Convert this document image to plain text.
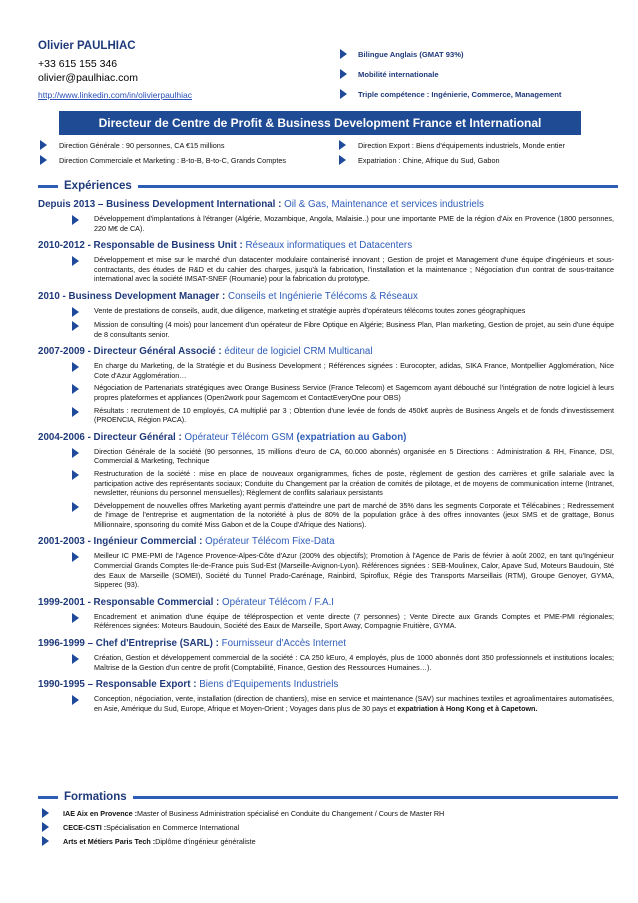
Olivier PAULHIAC
+33 615 155 346
olivier@paulhiac.com
http://www.linkedin.com/in/olivierpaulhiac
Bilingue Anglais (GMAT 93%)
Mobilité internationale
Triple compétence : Ingénierie, Commerce, Management
Directeur de Centre de Profit & Business Development France et International
Direction Générale : 90 personnes, CA €15 millions
Direction Commerciale et Marketing : B-to-B, B-to-C, Grands Comptes
Direction Export : Biens d'équipements industriels, Monde entier
Expatriation : Chine, Afrique du Sud, Gabon
Expériences
Depuis 2013 – Business Development International : Oil & Gas, Maintenance et services industriels
Développement d'implantations à l'étranger (Algérie, Mozambique, Angola, Malaisie..) pour une importante PME de la région d'Aix en Provence (1800 personnes, 220 M€ de CA).
2010-2012 - Responsable de Business Unit : Réseaux informatiques et Datacenters
Développement et mise sur le marché d'un datacenter modulaire containerisé innovant ; Gestion de projet et Management d'une équipe d'ingénieurs et sous-contractants, des études de R&D et du cahier des charges, jusqu'à la fabrication, l'installation et la maintenance ; Négociation d'un contrat de sous-traitance international avec la société IMSAT-SNEF (Roumanie) pour la fabrication du prototype.
2010 - Business Development Manager : Conseils et Ingénierie Télécoms & Réseaux
Vente de prestations de conseils, audit, due diligence, marketing et stratégie auprès d'opérateurs télécoms toutes zones géographiques
Mission de consulting (4 mois) pour lancement d'un opérateur de Fibre Optique en Algérie; Business Plan, Plan marketing, Gestion de projet, au sein d'une équipe de 8 consultants senior.
2007-2009 - Directeur Général Associé : éditeur de logiciel CRM Multicanal
En charge du Marketing, de la Stratégie et du Business Development ; Références signées : Eurocopter, adidas, SIKA France, Montpellier Agglomération, Nice Cote d'Azur Agglomération…
Négociation de Partenariats stratégiques avec Orange Business Service (France Telecom) et Sagemcom ayant débouché sur l'intégration de notre logiciel à leurs propres plateformes et appliances (Open2work pour Sagemcom et ContactEveryOne pour OBS)
Résultats : recrutement de 10 employés, CA multiplié par 3 ; Obtention d'une levée de fonds de 450k€ auprès de Business Angels et de fonds d'investissement (PROENCIA, Région PACA).
2004-2006 - Directeur Général : Opérateur Télécom GSM (expatriation au Gabon)
Direction Générale de la société (90 personnes, 15 millions d'euro de CA, 60.000 abonnés) organisée en 5 Directions : Administration & RH, Finance, DSI, Commercial & Marketing, Technique
Restructuration de la société : mise en place de nouveaux organigrammes, fiches de poste, règlement de gestion des carrières et grille salariale avec la participation active des représentants sociaux; Conduite du Changement par la création de comités de pilotage, et de moyens de communication interne (Intranet, newsletter, réunions du personnel mensuelles); Règlement de conflits salariaux persistants
Développement de nouvelles offres Marketing ayant permis d'atteindre une part de marché de 35% dans les segments Corporate et Télécabines ; Redressement de l'image de l'entreprise et augmentation de la notoriété à plus de 80% de la population grâce à des offres innovantes (jeux SMS et de grattage, Bonus Millionnaire, sponsoring du comité Miss Gabon et de la Coupe d'Afrique des Nations).
2001-2003 - Ingénieur Commercial : Opérateur Télécom Fixe-Data
Meilleur IC PME-PMI de l'Agence Provence-Alpes-Côte d'Azur (200% des objectifs); Promotion à l'Agence de Paris de février à août 2002, en tant qu'Ingénieur Commercial Grands Comptes Ile-de-France puis Sud-Est (Marseille-Avignon-Lyon). Références signées : SEB-Moulinex, Calor, Apave Sud, Moteurs Baudouin, Sté des Eaux de Marseille (SOMEI), Société du Tunnel Prado-Carénage, Rainbird, Spiroflux, Régie des Transports Marseillais (RTM), Groupe Genoyer, GYMA, Sipperec (93).
1999-2001 - Responsable Commercial : Opérateur Télécom / F.A.I
Encadrement et animation d'une équipe de téléprospection et vente directe (7 personnes) ; Vente Directe aux Grands Comptes et PME-PMI régionales; Références signées: Moteurs Baudouin, Société des Eaux de Marseille, Sport Away, Compagnie Fruitière, GYMA.
1996-1999 – Chef d'Entreprise (SARL) : Fournisseur d'Accès Internet
Création, Gestion et développement commercial de la société : CA 250 kEuro, 4 employés, plus de 1000 abonnés dont 350 professionnels et institutions locales; Maîtrise de la Gestion d'un centre de profit (Comptabilité, Finance, Gestion des Ressources Humaines…).
1990-1995 – Responsable Export : Biens d'Equipements Industriels
Conception, négociation, vente, installation (direction de chantiers), mise en service et maintenance (SAV) sur machines textiles et agroalimentaires automatisées, en Asie, Amérique du Sud, Europe, Afrique et Moyen-Orient ; Voyages dans plus de 30 pays et expatriation à Hong Kong et à Capetown.
Formations
IAE Aix en Provence : Master of Business Administration spécialisé en Conduite du Changement / Cours de Master RH
CECE-CSTI : Spécialisation en Commerce International
Arts et Métiers Paris Tech : Diplôme d'ingénieur généraliste
